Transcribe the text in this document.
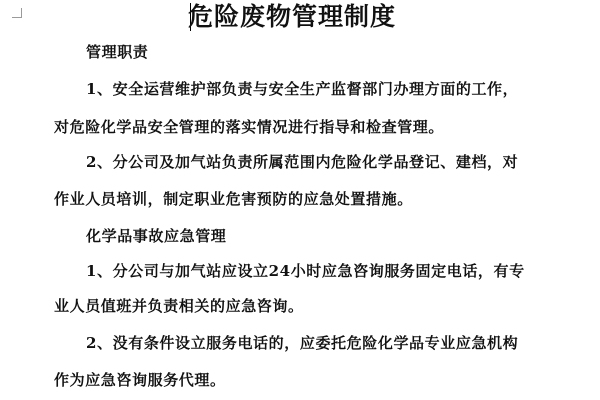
危险废物管理制度
管理职责
1、安全运营维护部负责与安全生产监督部门办理方面的工作，
对危险化学品安全管理的落实情况进行指导和检查管理。
2、分公司及加气站负责所属范围内危险化学品登记、建档，对
作业人员培训，制定职业危害预防的应急处置措施。
化学品事故应急管理
1、分公司与加气站应设立24小时应急咨询服务固定电话，有专
业人员值班并负责相关的应急咨询。
2、没有条件设立服务电话的，应委托危险化学品专业应急机构
作为应急咨询服务代理。
